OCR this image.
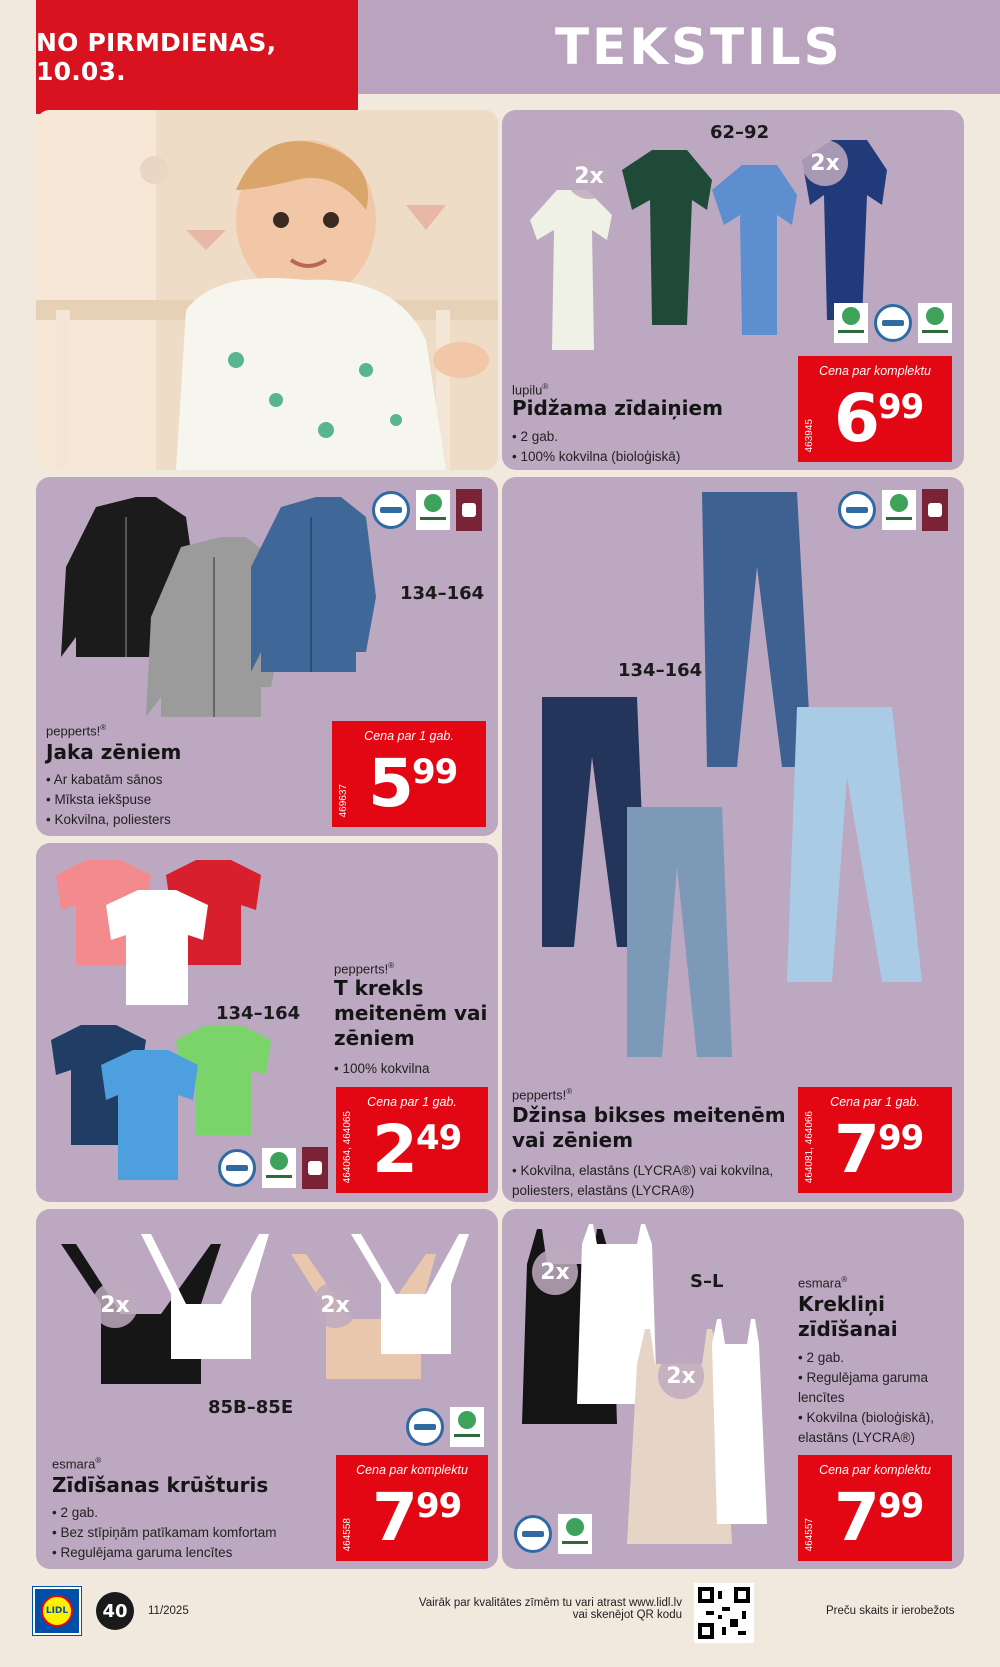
NO PIRMDIENAS, 10.03.	TEKSTILS
62–92
2x
2x
lupilu®
Pidžama zīdaiņiem
• 2 gab.
• 100% kokvilna (bioloģiskā)
Cena par komplektu
6 99
463945
134–164
pepperts!®
Jaka zēniem
• Ar kabatām sānos
• Mīksta iekšpuse
• Kokvilna, poliesters
Cena par 1 gab.
5 99
469637
134–164
pepperts!®
T krekls
meitenēm vai
zēniem
• 100% kokvilna
Cena par 1 gab.
2 49
464064, 464065
134–164
pepperts!®
Džinsa bikses meitenēm
vai zēniem
• Kokvilna, elastāns (LYCRA®) vai kokvilna, poliesters, elastāns (LYCRA®)
Cena par 1 gab.
7 99
464081, 464066
2x	2x
85B–85E
esmara®
Zīdīšanas krūšturis
• 2 gab.
• Bez stīpiņām patīkamam komfortam
• Regulējama garuma lencītes
Cena par komplektu
7 99
464558
2x
2x
S–L	esmara®
Krekliņi
zīdīšanai
• 2 gab.
• Regulējama garuma lencītes
• Kokvilna (bioloģiskā), elastāns (LYCRA®)
Cena par komplektu
7 99
464557
LIDL	40	11/2025
Vairāk par kvalitātes zīmēm tu vari atrast www.lidl.lv
vai skenējot QR kodu	Preču skaits ir ierobežots
